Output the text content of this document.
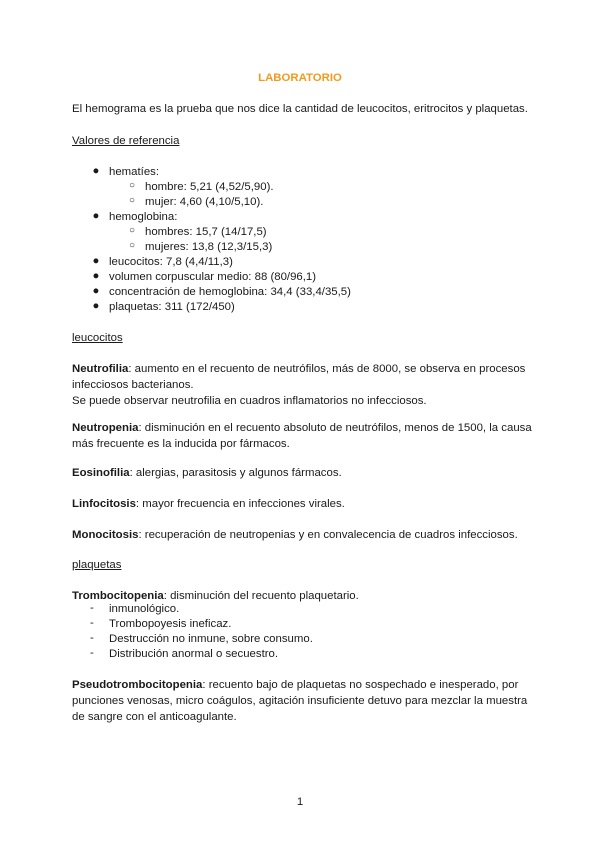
LABORATORIO

El hemograma es la prueba que nos dice la cantidad de leucocitos, eritrocitos y plaquetas.

Valores de referencia

● hematíes:
○ hombre: 5,21 (4,52/5,90).
○ mujer: 4,60 (4,10/5,10).
● hemoglobina:
○ hombres: 15,7 (14/17,5)
○ mujeres: 13,8 (12,3/15,3)
● leucocitos: 7,8 (4,4/11,3)
● volumen corpuscular medio: 88 (80/96,1)
● concentración de hemoglobina: 34,4 (33,4/35,5)
● plaquetas: 311 (172/450)

leucocitos

Neutrofilia: aumento en el recuento de neutrófilos, más de 8000, se observa en procesos
infecciosos bacterianos.
Se puede observar neutrofilia en cuadros inflamatorios no infecciosos.

Neutropenia: disminución en el recuento absoluto de neutrófilos, menos de 1500, la causa
más frecuente es la inducida por fármacos.

Eosinofilia: alergias, parasitosis y algunos fármacos.

Linfocitosis: mayor frecuencia en infecciones virales.

Monocitosis: recuperación de neutropenias y en convalecencia de cuadros infecciosos.

plaquetas

Trombocitopenia: disminución del recuento plaquetario.

- inmunológico.
- Trombopoyesis ineficaz.
- Destrucción no inmune, sobre consumo.
- Distribución anormal o secuestro.

Pseudotrombocitopenia: recuento bajo de plaquetas no sospechado e inesperado, por
punciones venosas, micro coágulos, agitación insuficiente detuvo para mezclar la muestra
de sangre con el anticoagulante.

1
